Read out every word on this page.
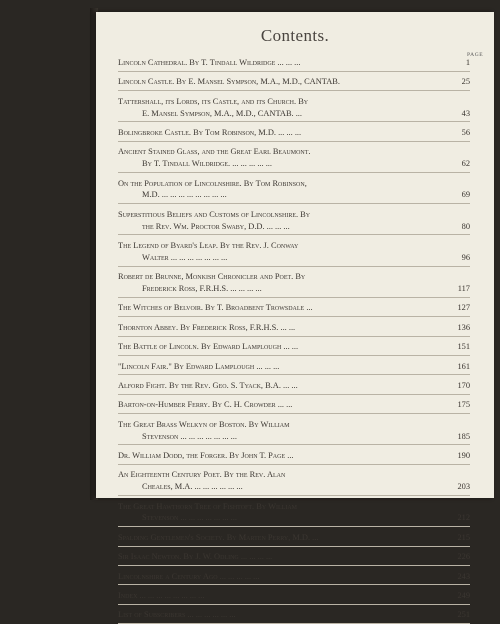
Contents.
PAGE
Lincoln Cathedral. By T. Tindall Wildridge ... ... ...	1
Lincoln Castle. By E. Mansel Sympson, M.A., M.D., CANTAB.	25
Tattershall, its Lords, its Castle, and its Church. By
E. Mansel Sympson, M.A., M.D., CANTAB. ...	43
Bolingbroke Castle. By Tom Robinson, M.D. ... ... ...	56
Ancient Stained Glass, and the Great Earl Beaumont.
By T. Tindall Wildridge. ... ... ... ... ...	62
On the Population of Lincolnshire. By Tom Robinson,
M.D. ... ... ... ... ... ... ... ...	69
Superstitious Beliefs and Customs of Lincolnshire. By
the Rev. Wm. Proctor Swaby, D.D. ... ... ...	80
The Legend of Byard's Leap. By the Rev. J. Conway
Walter ... ... ... ... ... ... ...	96
Robert de Brunne, Monkish Chronicler and Poet. By
Frederick Ross, F.R.H.S. ... ... ... ...	117
The Witches of Belvoir. By T. Broadbent Trowsdale ...	127
Thornton Abbey. By Frederick Ross, F.R.H.S. ... ...	136
The Battle of Lincoln. By Edward Lamplough ... ...	151
"Lincoln Fair." By Edward Lamplough ... ... ...	161
Alford Fight. By the Rev. Geo. S. Tyack, B.A. ... ...	170
Barton-on-Humber Ferry. By C. H. Crowder ... ...	175
The Great Brass Welkyn of Boston. By William
Stevenson ... ... ... ... ... ... ...	185
Dr. William Dodd, the Forger. By John T. Page ...	190
An Eighteenth Century Poet. By the Rev. Alan
Cheales, M.A. ... ... ... ... ... ...	203
The Great Hawthorn Tree of Fishtoft. By William
Stevenson ... ... ... ... ... ... ...	212
Spalding Gentlemen's Society. By Marten Perry, M.D. ...	215
Sir Isaac Newton. By J. W. Odling ... ... ... ...	226
Lincolnshire a Century Ago ... ... ... ... ...	243
Index ... ... ... ... ... ... ... ...	249
List of Subscribers ... ... ... ... ... ...	251
